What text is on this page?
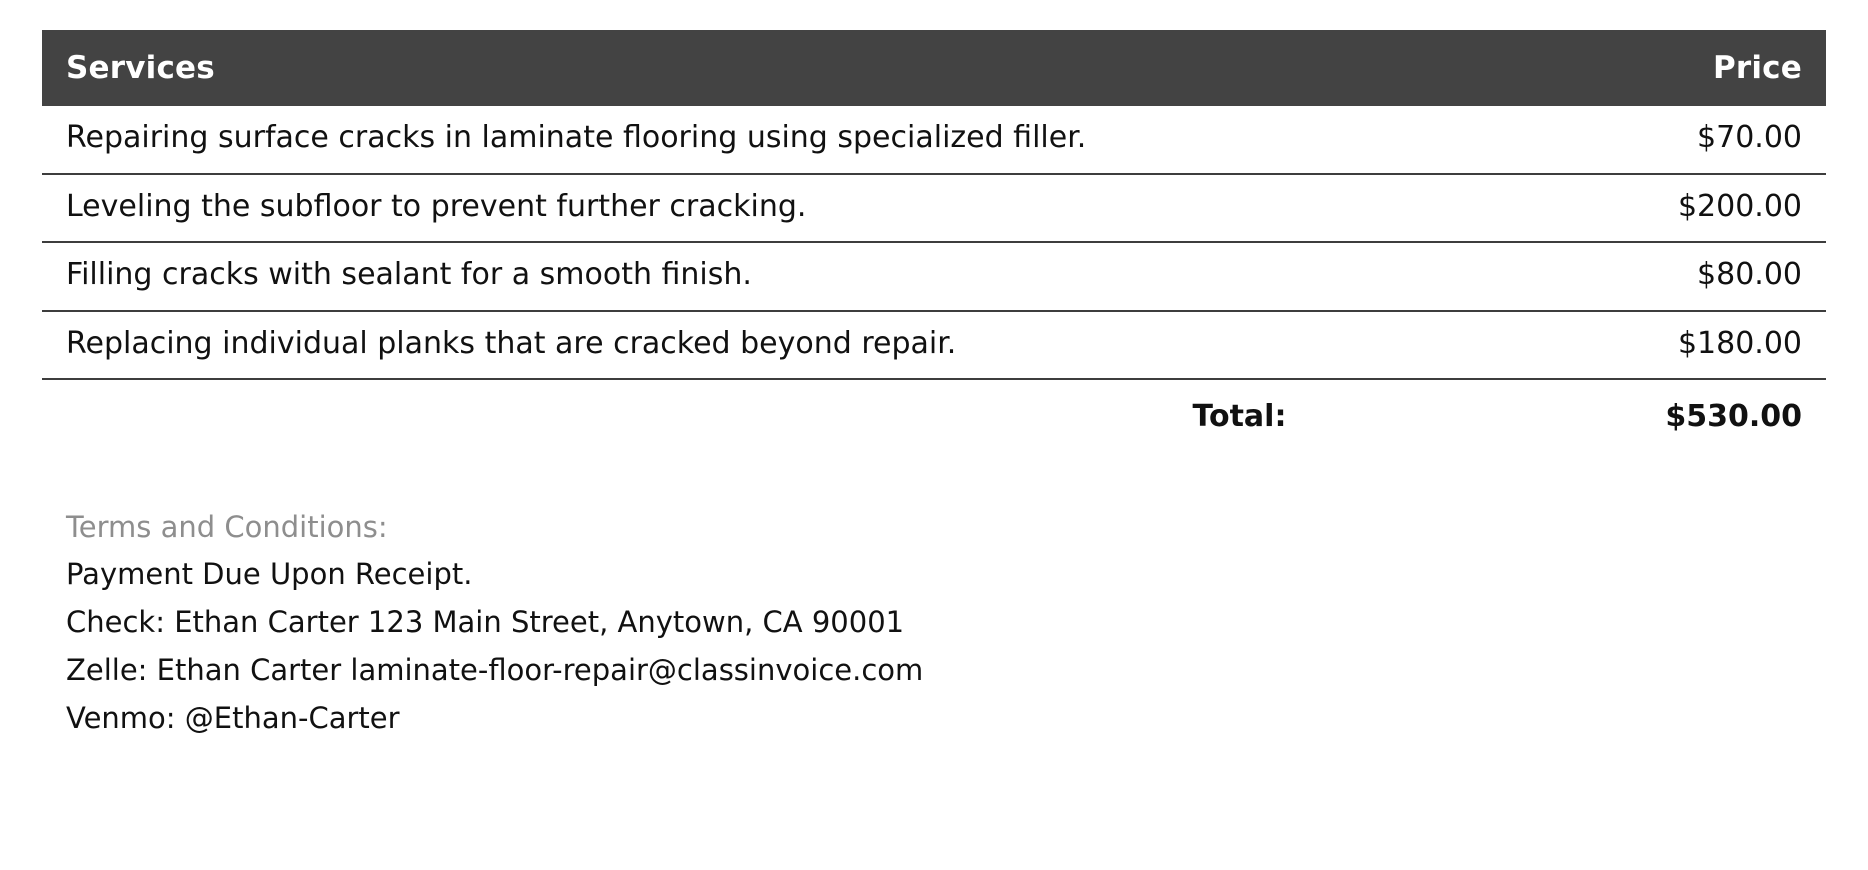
Services	Price
Repairing surface cracks in laminate flooring using specialized filler.	$70.00
Leveling the subfloor to prevent further cracking.	$200.00
Filling cracks with sealant for a smooth finish.	$80.00
Replacing individual planks that are cracked beyond repair.	$180.00
Total:	$530.00

Terms and Conditions:

Payment Due Upon Receipt.

Check: Ethan Carter 123 Main Street, Anytown, CA 90001

Zelle: Ethan Carter laminate-floor-repair@classinvoice.com

Venmo: @Ethan-Carter
